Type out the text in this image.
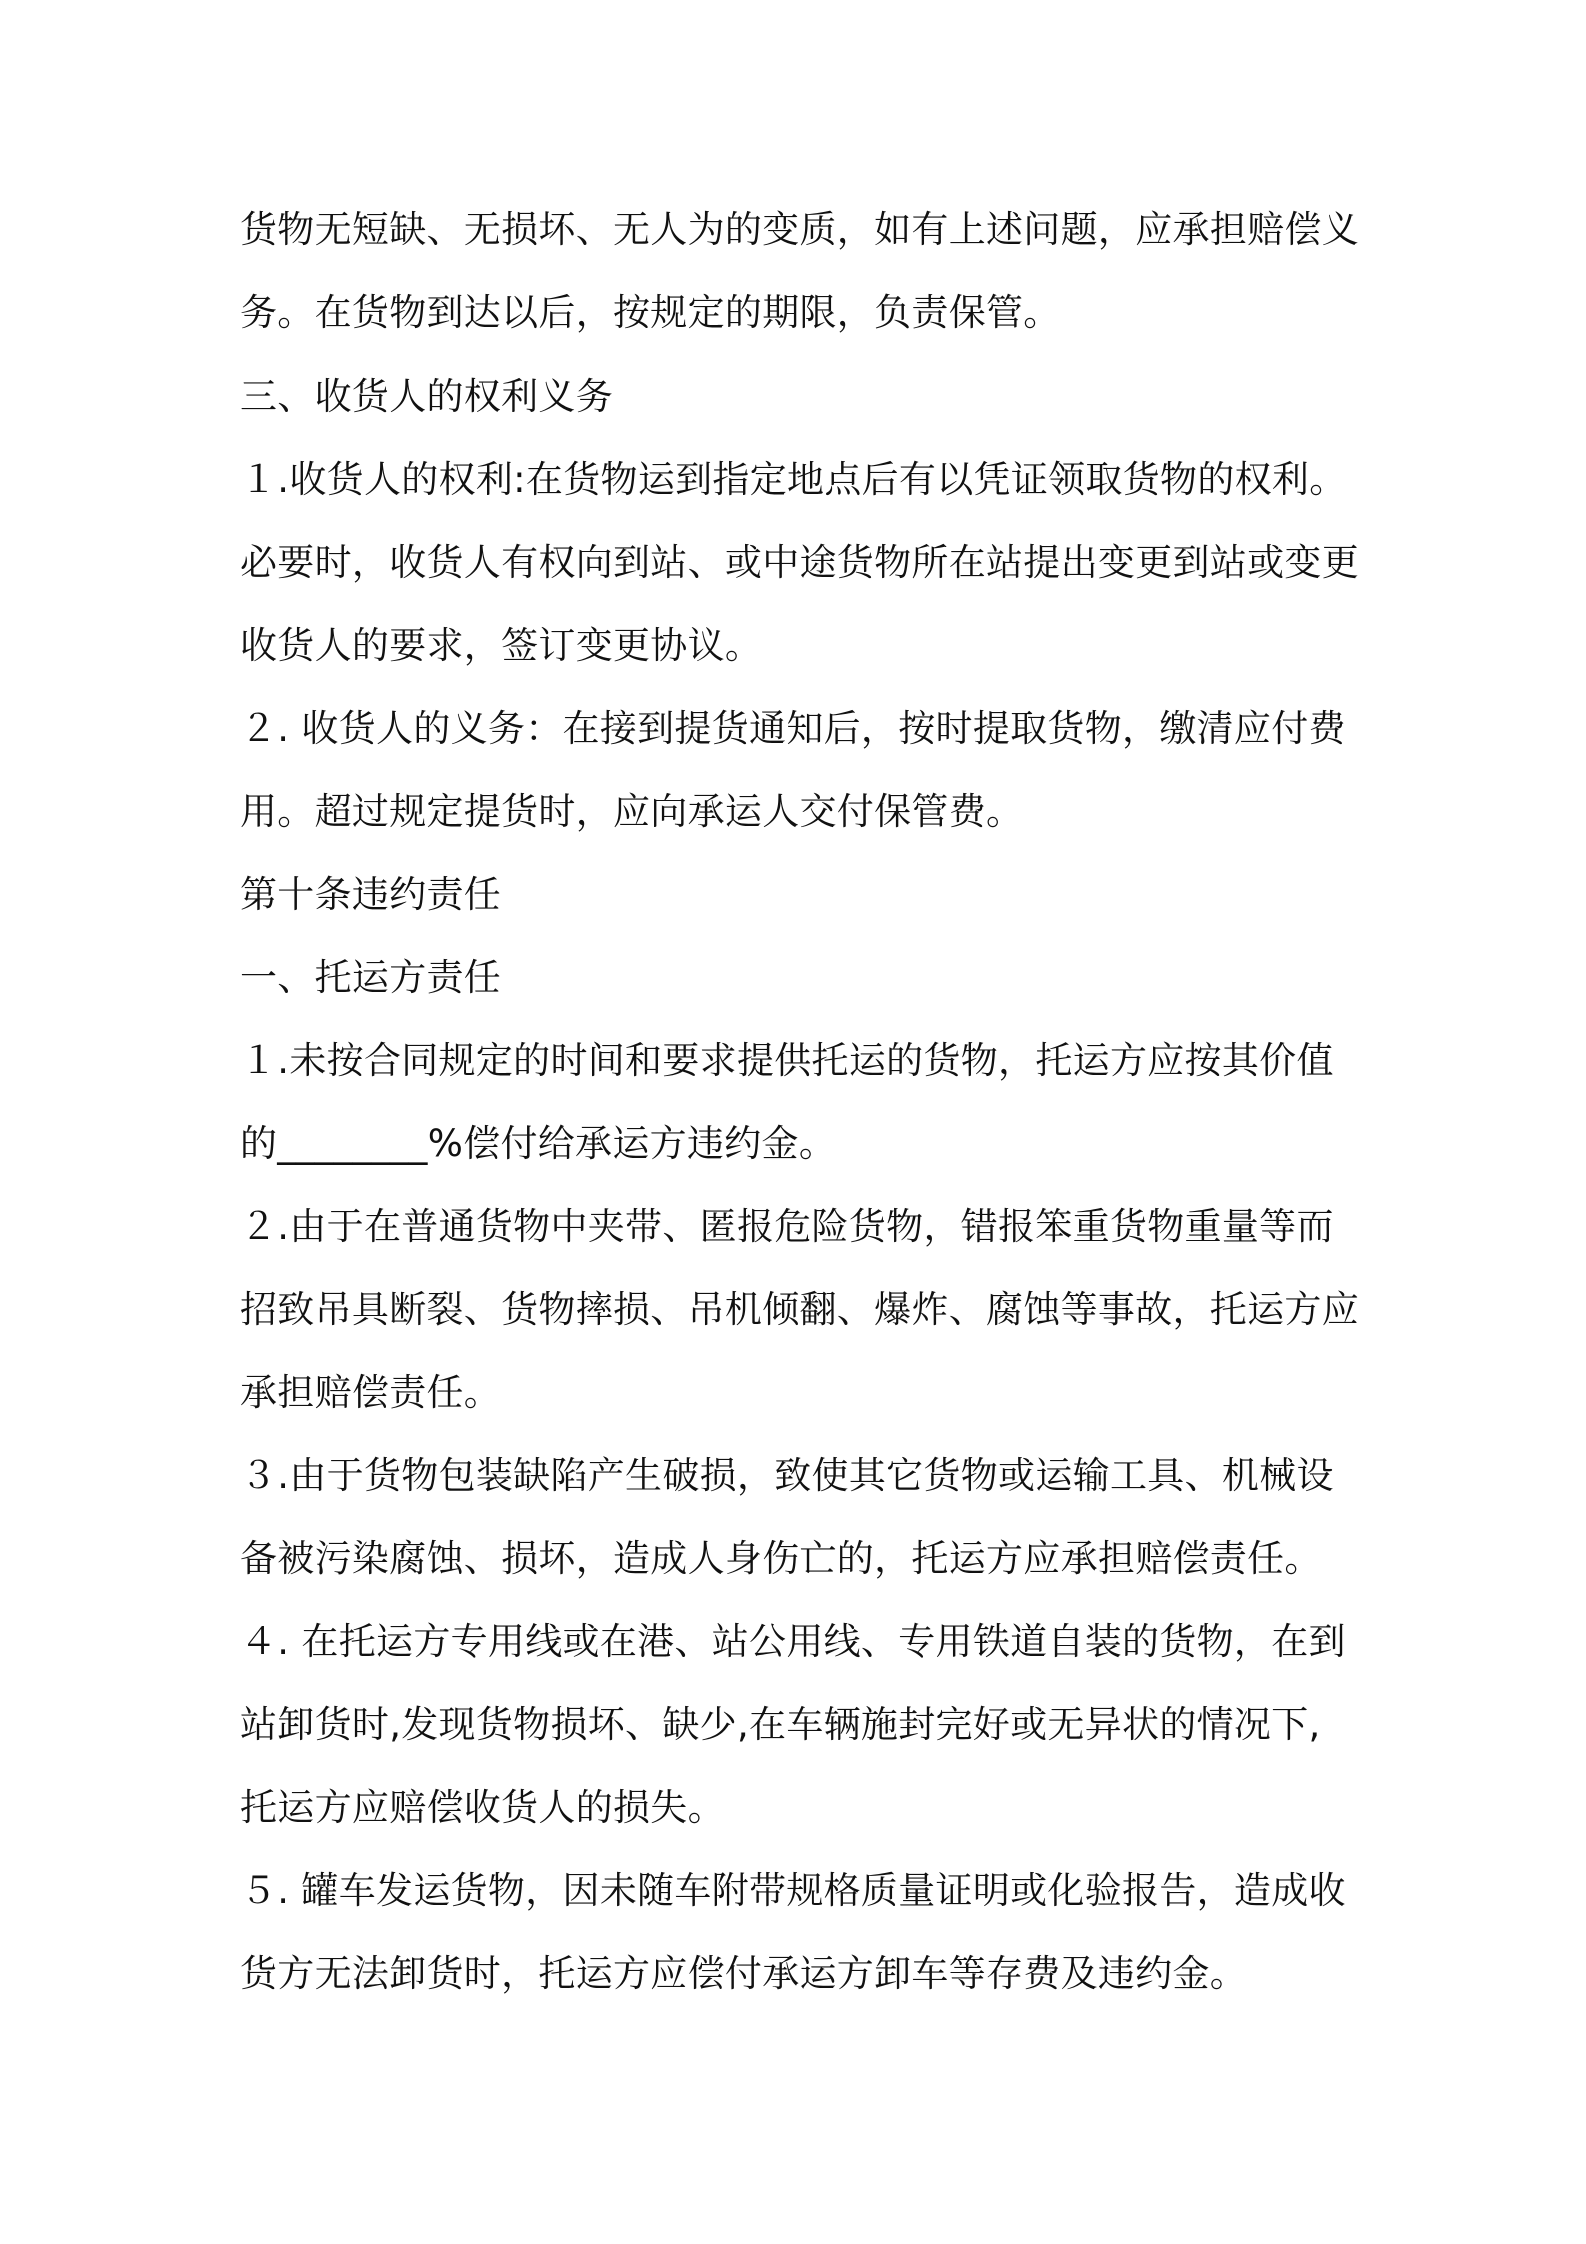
货物无短缺、无损坏、无人为的变质，如有上述问题，应承担赔偿义
务。在货物到达以后，按规定的期限，负责保管。
三、收货人的权利义务
１.收货人的权利:在货物运到指定地点后有以凭证领取货物的权利。
必要时，收货人有权向到站、或中途货物所在站提出变更到站或变更
收货人的要求，签订变更协议。
２. 收货人的义务：在接到提货通知后，按时提取货物，缴清应付费
用。超过规定提货时，应向承运人交付保管费。
第十条违约责任
一、托运方责任
１.未按合同规定的时间和要求提供托运的货物，托运方应按其价值
的________%偿付给承运方违约金。
２.由于在普通货物中夹带、匿报危险货物，错报笨重货物重量等而
招致吊具断裂、货物摔损、吊机倾翻、爆炸、腐蚀等事故，托运方应
承担赔偿责任。
３.由于货物包装缺陷产生破损，致使其它货物或运输工具、机械设
备被污染腐蚀、损坏，造成人身伤亡的，托运方应承担赔偿责任。
４. 在托运方专用线或在港、站公用线、专用铁道自装的货物，在到
站卸货时,发现货物损坏、缺少,在车辆施封完好或无异状的情况下,
托运方应赔偿收货人的损失。
５. 罐车发运货物，因未随车附带规格质量证明或化验报告，造成收
货方无法卸货时，托运方应偿付承运方卸车等存费及违约金。
